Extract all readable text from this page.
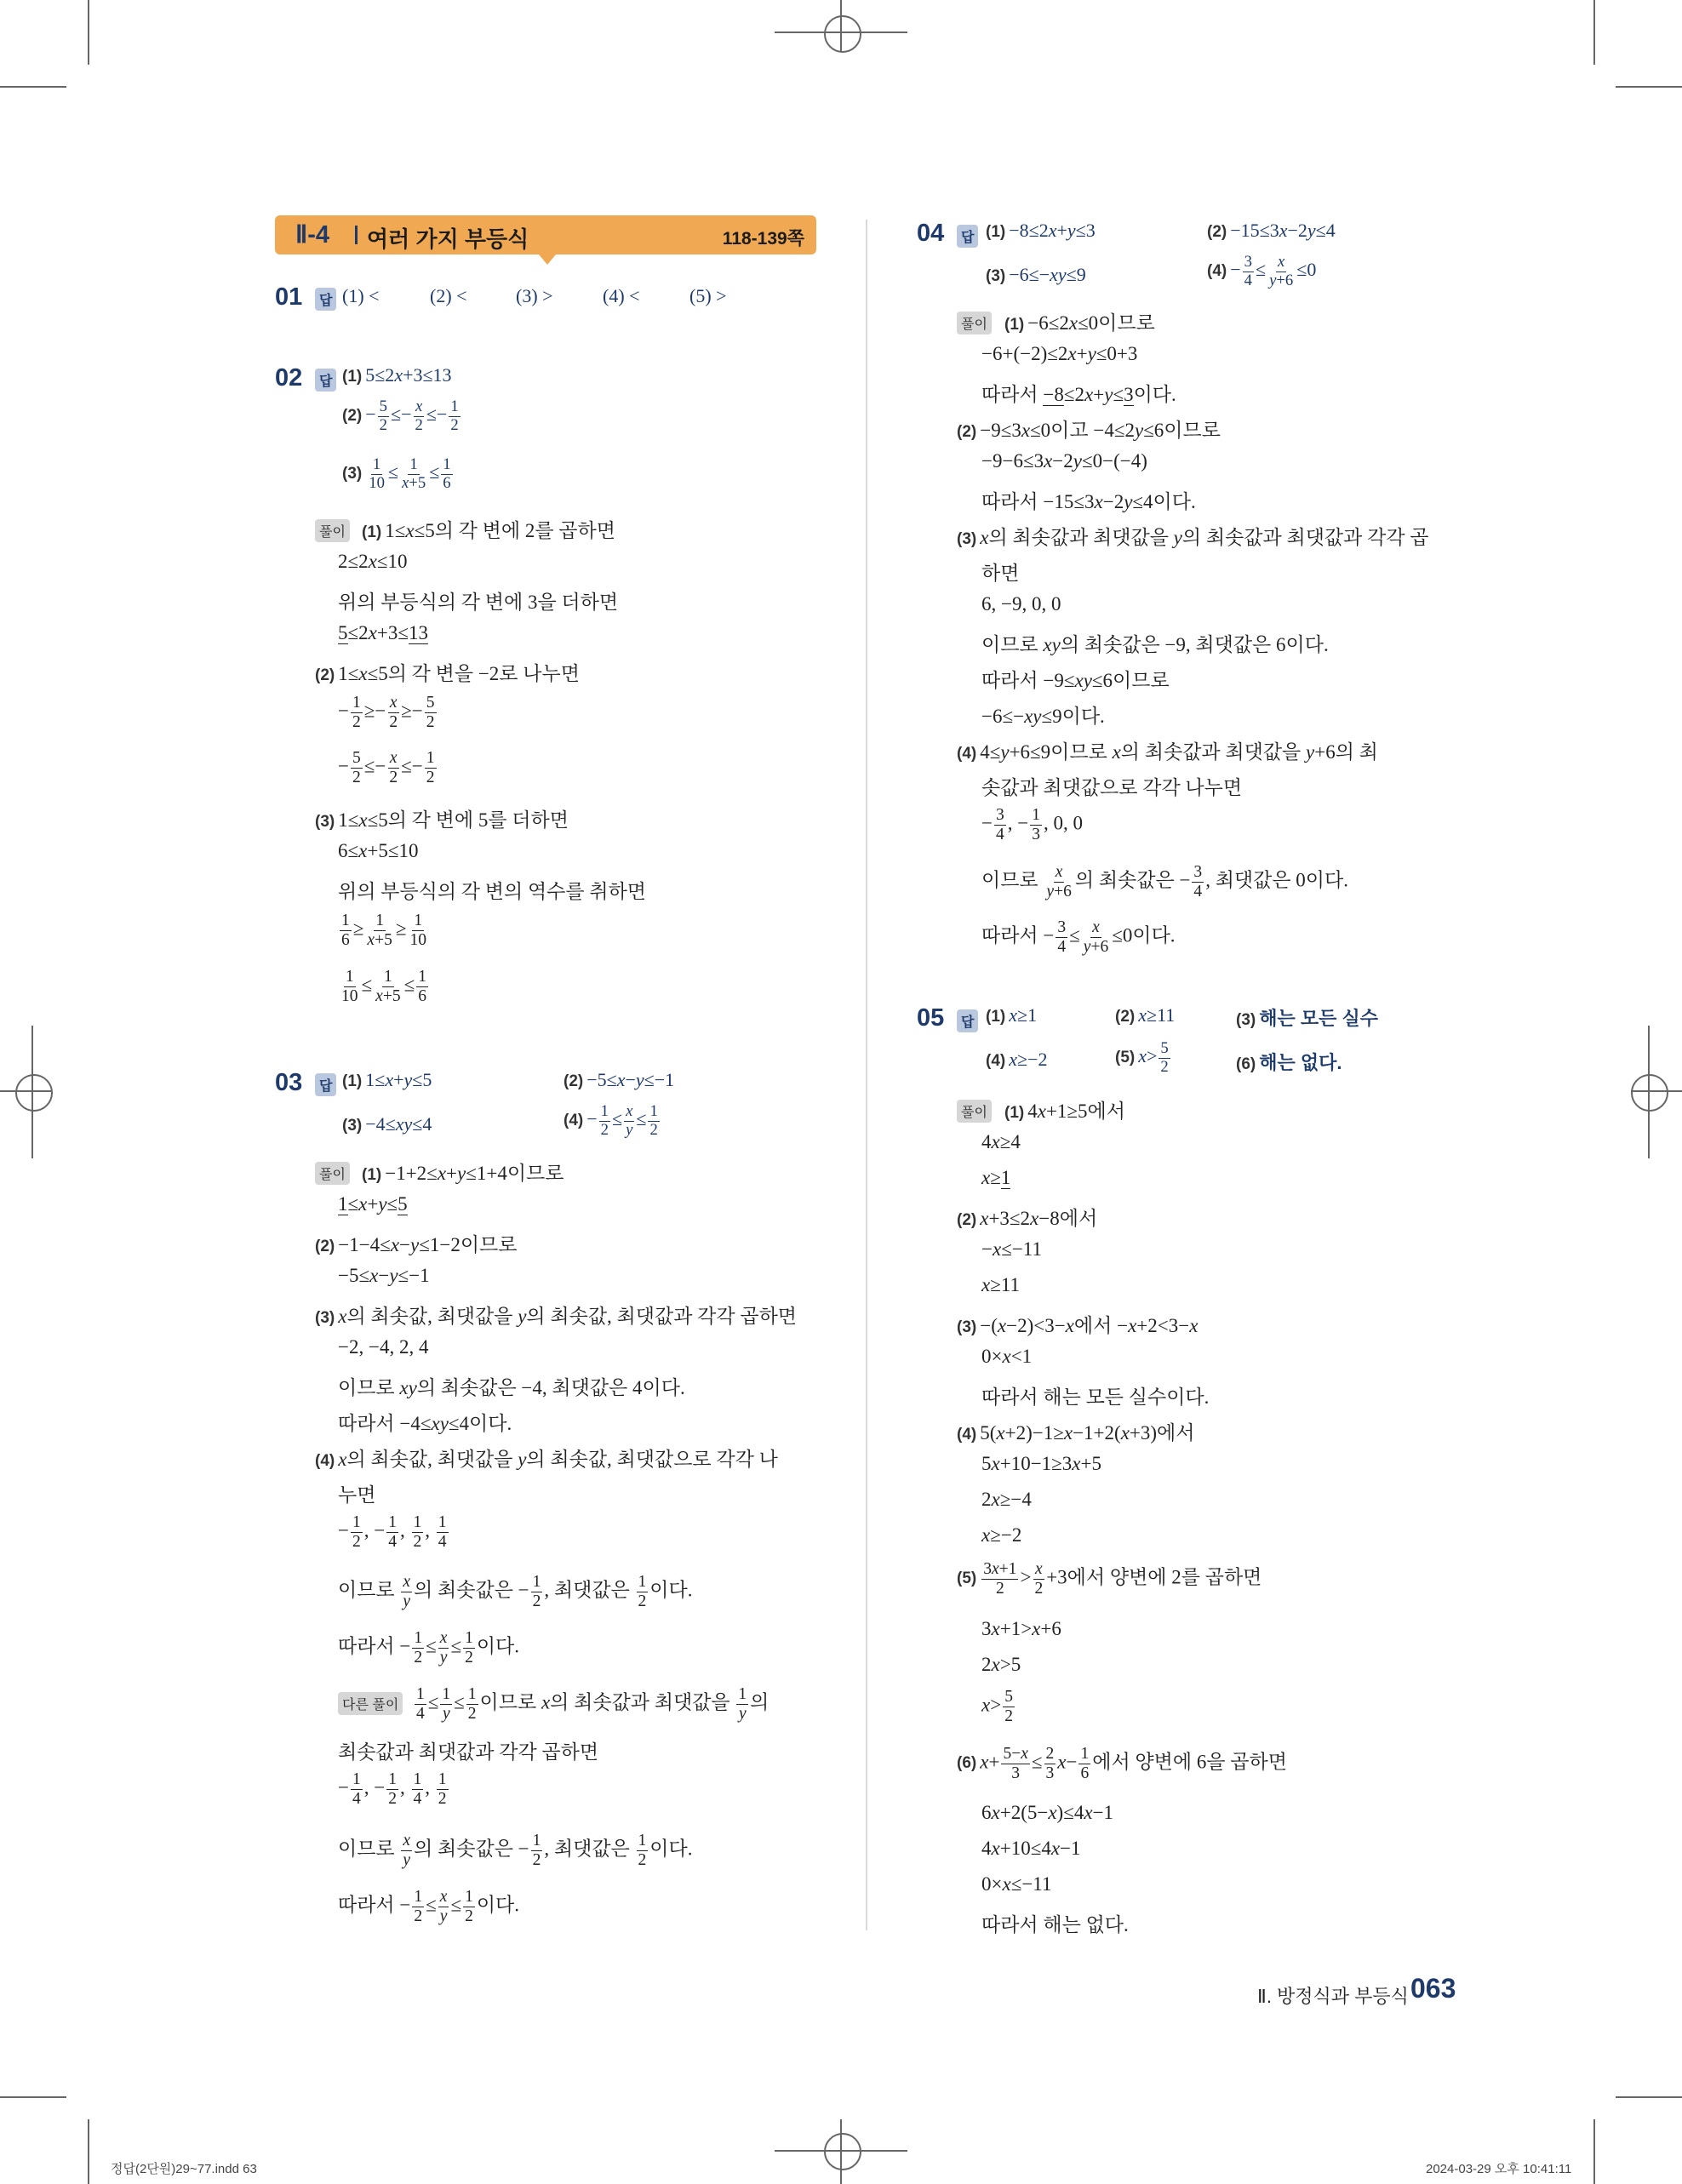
Ⅱ-4 여러 가지 부등식	118-139쪽
01	답 (1) <	(2) <	(3) >	(4) <	(5) >
02	답 (1) 5≤2x+3≤13
$(2) - \frac{5}{2} \le- \frac{x}{2} \le- \frac{1}{2}$
$(3) \frac{1}{10} \le \frac{1}{x+5} \le \frac{1}{6}$
풀이 (1) 1≤x≤5의 각 변에 2를 곱하면
2≤2x≤10
위의 부등식의 각 변에 3을 더하면
5≤2x+3≤13
(2) 1≤x≤5의 각 변을 −2로 나누면
− $\frac{1}{2} \ge- \frac{x}{2} \ge- \frac{5}{2}$
− $\frac{5}{2} \le- \frac{x}{2} \le- \frac{1}{2}$
(3) 1≤x≤5의 각 변에 5를 더하면
6≤x+5≤10
위의 부등식의 각 변의 역수를 취하면
$\frac{1}{6} \ge \frac{1}{x+5} \ge \frac{1}{10}$
$\frac{1}{10} \le \frac{1}{x+5} \le \frac{1}{6}$
03	답 (1) 1≤x+y≤5	(2) −5≤x−y≤−1
(3) −4≤xy≤4	$(4) - \frac{1}{2} \le \frac{x}{y} \le \frac{1}{2}$
풀이 (1) −1+2≤x+y≤1+4이므로
1≤x+y≤5
(2) −1−4≤x−y≤1−2이므로
−5≤x−y≤−1
(3) x의 최솟값, 최댓값을 y의 최솟값, 최댓값과 각각 곱하면
−2, −4, 2, 4
이므로 xy의 최솟값은 −4, 최댓값은 4이다.
따라서 −4≤xy≤4이다.
(4) x의 최솟값, 최댓값을 y의 최솟값, 최댓값으로 각각 나
누면
− $\frac{1}{2}$ , − $\frac{1}{4}$ , $\frac{1}{2}$ , $\frac{1}{4}$
이므로 $\frac{x}{y}$ 의 최솟값은 − $\frac{1}{2}$ , 최댓값은 $\frac{1}{2}$ 이다.
따라서 − $\frac{1}{2} \le \frac{x}{y} \le \frac{1}{2}$ 이다.
다른 풀이 $\frac{1}{4} \le \frac{1}{y} \le \frac{1}{2}$ 이므로 x의 최솟값과 최댓값을 $\frac{1}{y}$ 의
최솟값과 최댓값과 각각 곱하면
− $\frac{1}{4}$ , − $\frac{1}{2}$ , $\frac{1}{4}$ , $\frac{1}{2}$
이므로 $\frac{x}{y}$ 의 최솟값은 − $\frac{1}{2}$ , 최댓값은 $\frac{1}{2}$ 이다.
따라서 − $\frac{1}{2} \le \frac{x}{y} \le \frac{1}{2}$ 이다.
04	답 (1) −8≤2x+y≤3	(2) −15≤3x−2y≤4
(3) −6≤−xy≤9	$(4) - \frac{3}{4} \le \frac{x}{y+6} \le 0$
풀이 (1) −6≤2x≤0이므로
−6+(−2)≤2x+y≤0+3
따라서 −8≤2x+y≤3이다.
(2) −9≤3x≤0이고 −4≤2y≤6이므로
−9−6≤3x−2y≤0−(−4)
따라서 −15≤3x−2y≤4이다.
(3) x의 최솟값과 최댓값을 y의 최솟값과 최댓값과 각각 곱
하면
6, −9, 0, 0
이므로 xy의 최솟값은 −9, 최댓값은 6이다.
따라서 −9≤xy≤6이므로
−6≤−xy≤9이다.
(4) 4≤y+6≤9이므로 x의 최솟값과 최댓값을 y+6의 최
솟값과 최댓값으로 각각 나누면
− $\frac{3}{4}$ , − $\frac{1}{3}$ , 0, 0
이므로 $\frac{x}{y+6}$ 의 최솟값은 − $\frac{3}{4}$ , 최댓값은 0이다.
따라서 − $\frac{3}{4} \le \frac{x}{y+6} \le 0$이다.
05	답 (1) x≥1	(2) x≥11	(3) 해는 모든 실수
(4) x≥−2	(5) $x> \frac{5}{2}$	(6) 해는 없다.
풀이 (1) 4x+1≥5에서
4x≥4
x≥1
(2) x+3≤2x−8에서
−x≤−11
x≥11
(3) −(x−2)<3−x에서 −x+2<3−x
0×x<1
따라서 해는 모든 실수이다.
(4) 5(x+2)−1≥x−1+2(x+3)에서
5x+10−1≥3x+5
2x≥−4
x≥−2
$(5) \frac{3x+1}{2} > \frac{x}{2} +3$에서 양변에 2를 곱하면
3x+1>x+6
2x>5
$x> \frac{5}{2}$
(6) $x+ \frac{5-x}{3} \le \frac{2}{3} x- \frac{1}{6}$ 에서 양변에 6을 곱하면
6x+2(5−x)≤4x−1
4x+10≤4x−1
0×x≤−11
따라서 해는 없다.
Ⅱ. 방정식과 부등식 063
정답(2단원)29~77.indd 63	2024-03-29 오후 10:41:11
